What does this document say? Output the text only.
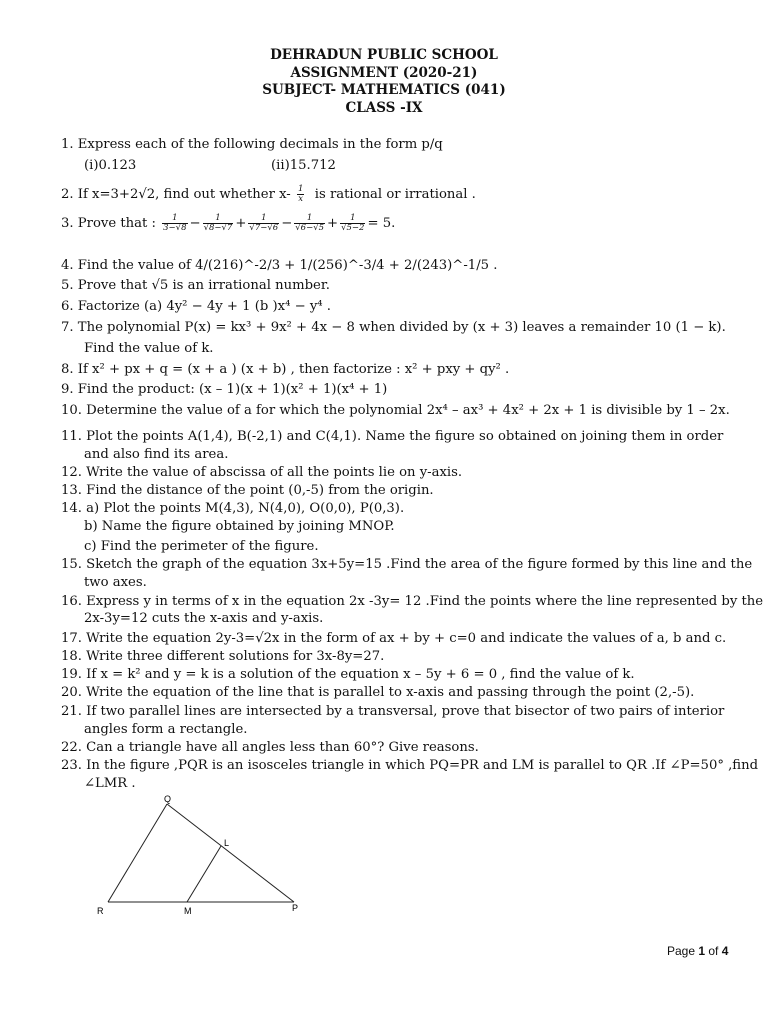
DEHRADUN PUBLIC SCHOOL
ASSIGNMENT (2020-21)
SUBJECT- MATHEMATICS (041)
CLASS -IX
1. Express each of the following decimals in the form p/q
(i)0.123	(ii)15.712
2. If x=3+2√2, find out whether $x- \frac{1}{x}$ is rational or irrational .
3. Prove that : $\frac{1}{3-√8} - \frac{1}{√8-√7} + \frac{1}{√7-√6} - \frac{1}{√6-√5} + \frac{1}{√5-2} = 5$.
4. Find the value of 4/(216)^-2/3 + 1/(256)^-3/4 + 2/(243)^-1/5 .
5. Prove that √5 is an irrational number.
6. Factorize (a) 4y² − 4y + 1 (b )x⁴ − y⁴ .
7. The polynomial P(x) = kx³ + 9x² + 4x − 8 when divided by (x + 3) leaves a remainder 10 (1 − k).
Find the value of k.
8. If x² + px + q = (x + a ) (x + b) , then factorize : x² + pxy + qy² .
9. Find the product: (x – 1)(x + 1)(x² + 1)(x⁴ + 1)
10. Determine the value of a for which the polynomial 2x⁴ – ax³ + 4x² + 2x + 1 is divisible by 1 – 2x.
11. Plot the points A(1,4), B(-2,1) and C(4,1). Name the figure so obtained on joining them in order
and also find its area.
12. Write the value of abscissa of all the points lie on y-axis.
13. Find the distance of the point (0,-5) from the origin.
14. a) Plot the points M(4,3), N(4,0), O(0,0), P(0,3).
b) Name the figure obtained by joining MNOP.
c) Find the perimeter of the figure.
15. Sketch the graph of the equation 3x+5y=15 .Find the area of the figure formed by this line and the
two axes.
16. Express y in terms of x in the equation 2x -3y= 12 .Find the points where the line represented by the
2x-3y=12 cuts the x-axis and y-axis.
17. Write the equation 2y-3=√2x in the form of ax + by + c=0 and indicate the values of a, b and c.
18. Write three different solutions for 3x-8y=27.
19. If x = k² and y = k is a solution of the equation x – 5y + 6 = 0 , find the value of k.
20. Write the equation of the line that is parallel to x-axis and passing through the point (2,-5).
21. If two parallel lines are intersected by a transversal, prove that bisector of two pairs of interior
angles form a rectangle.
22. Can a triangle have all angles less than 60°? Give reasons.
23. In the figure ,PQR is an isosceles triangle in which PQ=PR and LM is parallel to QR .If ∠P=50° ,find
∠LMR .
Q
L
R	M	P
Page 1 of 4
